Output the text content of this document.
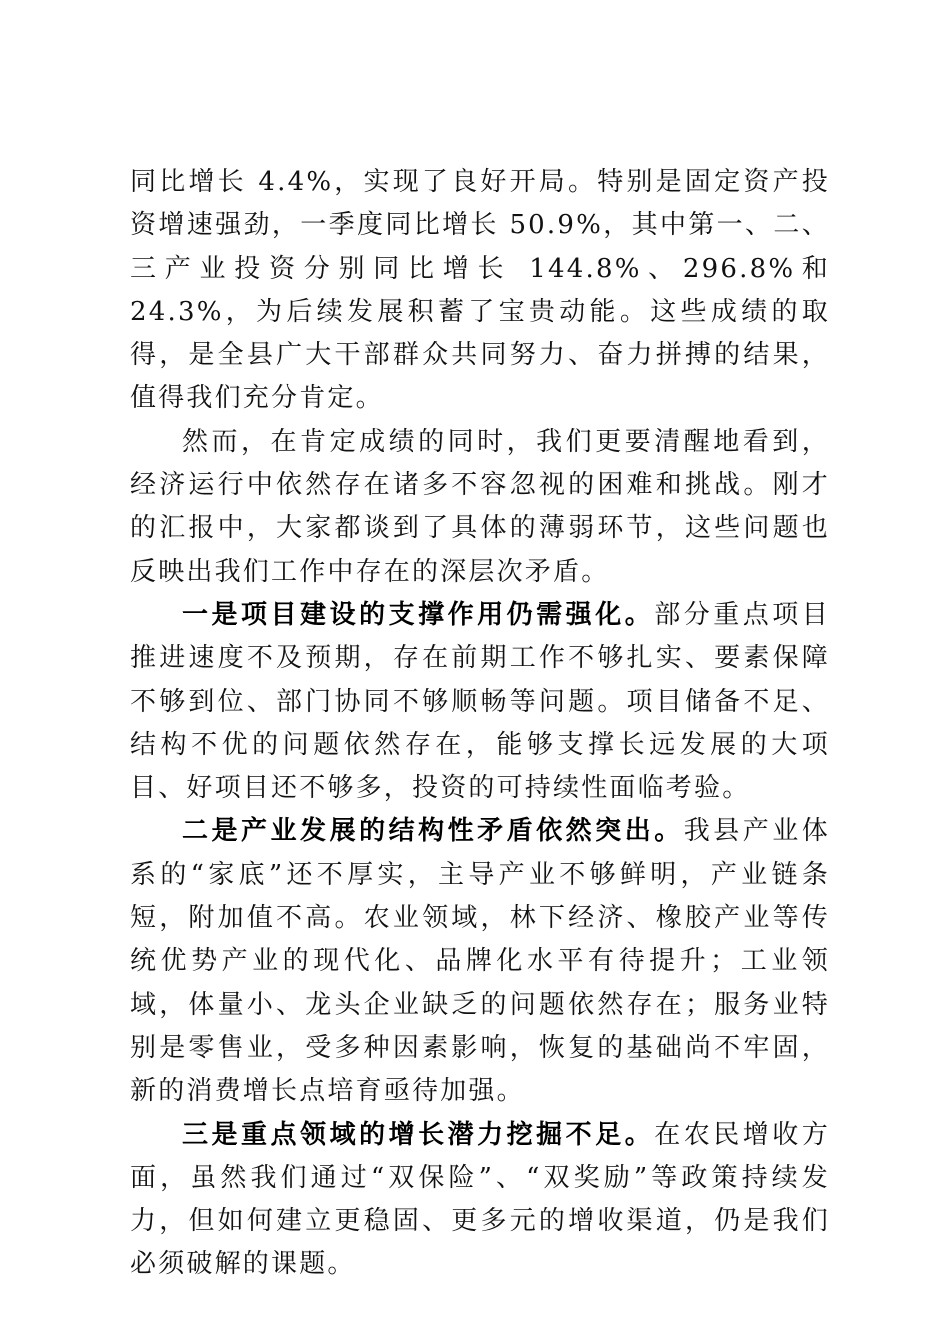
同比增长 4.4%，实现了良好开局。特别是固定资产投资增速强劲，一季度同比增长 50.9%，其中第一、二、三产业投资分别同比增长 144.8%、296.8%和 24.3%，为后续发展积蓄了宝贵动能。这些成绩的取得，是全县广大干部群众共同努力、奋力拼搏的结果，值得我们充分肯定。

然而，在肯定成绩的同时，我们更要清醒地看到，经济运行中依然存在诸多不容忽视的困难和挑战。刚才的汇报中，大家都谈到了具体的薄弱环节，这些问题也反映出我们工作中存在的深层次矛盾。

一是项目建设的支撑作用仍需强化。部分重点项目推进速度不及预期，存在前期工作不够扎实、要素保障不够到位、部门协同不够顺畅等问题。项目储备不足、结构不优的问题依然存在，能够支撑长远发展的大项目、好项目还不够多，投资的可持续性面临考验。

二是产业发展的结构性矛盾依然突出。我县产业体系的“家底”还不厚实，主导产业不够鲜明，产业链条短，附加值不高。农业领域，林下经济、橡胶产业等传统优势产业的现代化、品牌化水平有待提升；工业领域，体量小、龙头企业缺乏的问题依然存在；服务业特别是零售业，受多种因素影响，恢复的基础尚不牢固，新的消费增长点培育亟待加强。

三是重点领域的增长潜力挖掘不足。在农民增收方面，虽然我们通过“双保险”、“双奖励”等政策持续发力，但如何建立更稳固、更多元的增收渠道，仍是我们必须破解的课题。
